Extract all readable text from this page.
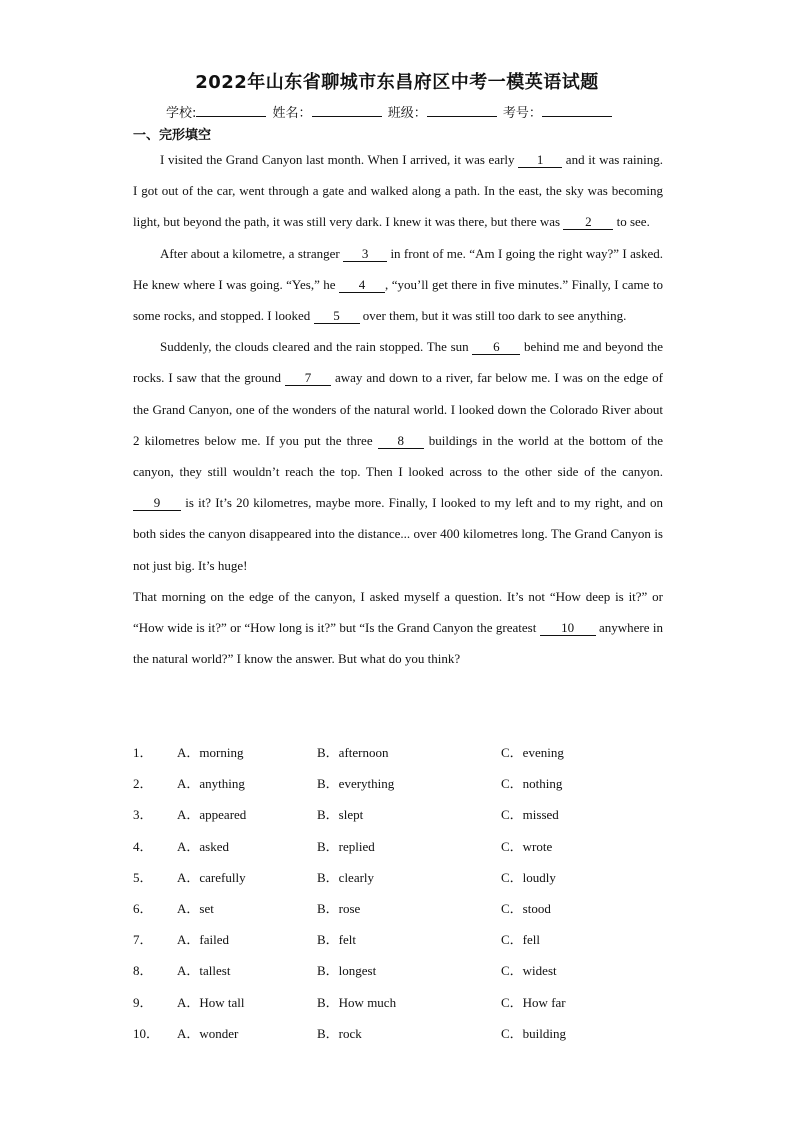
2022年山东省聊城市东昌府区中考一模英语试题
学校:	姓名：	班级：	考号：
一、完形填空

I visited the Grand Canyon last month. When I arrived, it was early 1 and it was raining. I got out of the car, went through a gate and walked along a path. In the east, the sky was becoming light, but beyond the path, it was still very dark. I knew it was there, but there was 2 to see.

After about a kilometre, a stranger 3 in front of me. “Am I going the right way?” I asked. He knew where I was going. “Yes,” he 4 , “you’ll get there in five minutes.” Finally, I came to some rocks, and stopped. I looked 5 over them, but it was still too dark to see anything.

Suddenly, the clouds cleared and the rain stopped. The sun 6 behind me and beyond the rocks. I saw that the ground 7 away and down to a river, far below me. I was on the edge of the Grand Canyon, one of the wonders of the natural world. I looked down the Colorado River about 2 kilometres below me. If you put the three 8 buildings in the world at the bottom of the canyon, they still wouldn’t reach the top. Then I looked across to the other side of the canyon. 9 is it? It’s 20 kilometres, maybe more. Finally, I looked to my left and to my right, and on both sides the canyon disappeared into the distance... over 400 kilometres long. The Grand Canyon is not just big. It’s huge!

That morning on the edge of the canyon, I asked myself a question. It’s not “How deep is it?” or “How wide is it?” or “How long is it?” but “Is the Grand Canyon the greatest 10 anywhere in the natural world?” I know the answer. But what do you think?

1． A．morning	B．afternoon	C．evening
2． A．anything	B．everything	C．nothing
3． A．appeared	B．slept	C．missed
4． A．asked	B．replied	C．wrote
5． A．carefully	B．clearly	C．loudly
6． A．set	B．rose	C．stood
7． A．failed	B．felt	C．fell
8． A．tallest	B．longest	C．widest
9． A．How tall	B．How much	C．How far
10． A．wonder	B．rock	C．building
